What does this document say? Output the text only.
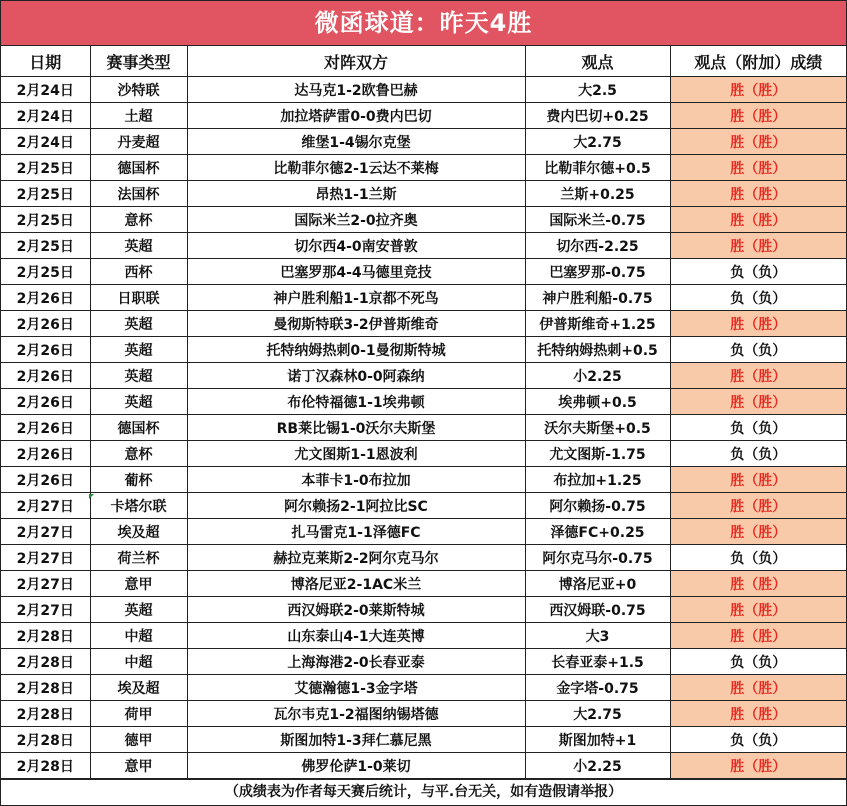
微函球道：昨天4胜
日期	赛事类型	对阵双方	观点	观点（附加）成绩
2月24日	沙特联	达马克1-2欧鲁巴赫	大2.5	胜（胜）
2月24日	土超	加拉塔萨雷0-0费内巴切	费内巴切+0.25	胜（胜）
2月24日	丹麦超	维堡1-4锡尔克堡	大2.75	胜（胜）
2月25日	德国杯	比勒菲尔德2-1云达不莱梅	比勒菲尔德+0.5	胜（胜）
2月25日	法国杯	昂热1-1兰斯	兰斯+0.25	胜（胜）
2月25日	意杯	国际米兰2-0拉齐奥	国际米兰-0.75	胜（胜）
2月25日	英超	切尔西4-0南安普敦	切尔西-2.25	胜（胜）
2月25日	西杯	巴塞罗那4-4马德里竞技	巴塞罗那-0.75	负（负）
2月26日	日职联	神户胜利船1-1京都不死鸟	神户胜利船-0.75	负（负）
2月26日	英超	曼彻斯特联3-2伊普斯维奇	伊普斯维奇+1.25	胜（胜）
2月26日	英超	托特纳姆热刺0-1曼彻斯特城	托特纳姆热刺+0.5	负（负）
2月26日	英超	诺丁汉森林0-0阿森纳	小2.25	胜（胜）
2月26日	英超	布伦特福德1-1埃弗顿	埃弗顿+0.5	胜（胜）
2月26日	德国杯	RB莱比锡1-0沃尔夫斯堡	沃尔夫斯堡+0.5	负（负）
2月26日	意杯	尤文图斯1-1恩波利	尤文图斯-1.75	负（负）
2月26日	葡杯	本菲卡1-0布拉加	布拉加+1.25	胜（胜）
2月27日	卡塔尔联	阿尔赖扬2-1阿拉比SC	阿尔赖扬-0.75	胜（胜）
2月27日	埃及超	扎马雷克1-1泽德FC	泽德FC+0.25	胜（胜）
2月27日	荷兰杯	赫拉克莱斯2-2阿尔克马尔	阿尔克马尔-0.75	负（负）
2月27日	意甲	博洛尼亚2-1AC米兰	博洛尼亚+0	胜（胜）
2月27日	英超	西汉姆联2-0莱斯特城	西汉姆联-0.75	胜（胜）
2月28日	中超	山东泰山4-1大连英博	大3	胜（胜）
2月28日	中超	上海海港2-0长春亚泰	长春亚泰+1.5	负（负）
2月28日	埃及超	艾德瀚德1-3金字塔	金字塔-0.75	胜（胜）
2月28日	荷甲	瓦尔韦克1-2福图纳锡塔德	大2.75	胜（胜）
2月28日	德甲	斯图加特1-3拜仁慕尼黑	斯图加特+1	负（负）
2月28日	意甲	佛罗伦萨1-0莱切	小2.25	胜（胜）
（成绩表为作者每天赛后统计，与平.台无关，如有造假请举报）
